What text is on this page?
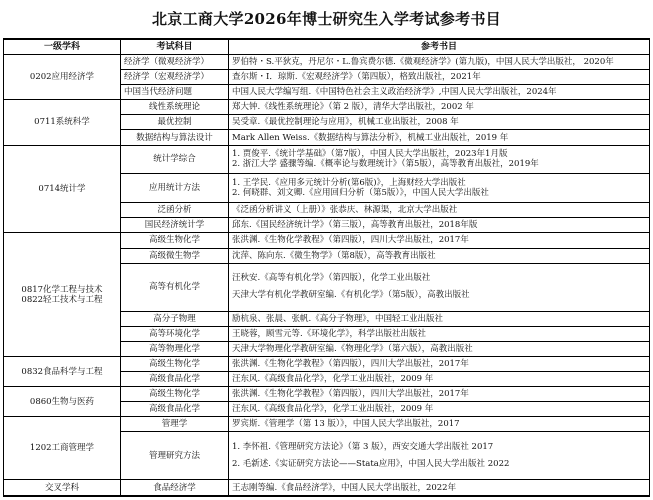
北京工商大学2026年博士研究生入学考试参考书目
一级学科	考试科目	参考书目
0202应用经济学	经济学（微观经济学）	罗伯特・S.平狄克，丹尼尔・L.鲁宾费尔德.《微观经济学》(第九版)，中国人民大学出版社， 2020年
	经济学（宏观经济学）	查尔斯・I．琼斯.《宏观经济学》（第四版），格致出版社，2021年
	中国当代经济问题	中国人民大学编写组.《中国特色社会主义政治经济学》,中国人民大学出版社，2024年
0711系统科学	线性系统理论	郑大钟.《线性系统理论》（第 2 版），清华大学出版社，2002 年
	最优控制	吴受章.《最优控制理论与应用》，机械工业出版社，2008 年
	数据结构与算法设计	Mark Allen Weiss.《数据结构与算法分析》，机械工业出版社，2019 年
0714统计学	统计学综合	1. 贾俊平.《统计学基础》（第7版），中国人民大学出版社，2023年1月版
2. 浙江大学 盛骤等编.《概率论与数理统计》（第5版），高等教育出版社，2019年

	应用统计方法	1. 王学民.《应用多元统计分析(第6版)》，上海财经大学出版社
2. 何晓群、刘文卿.《应用回归分析（第5版）》，中国人民大学出版社

	泛函分析	《泛函分析讲义（上册）》张恭庆、林源渠，北京大学出版社
	国民经济统计学	邱东.《国民经济统计学》（第三版），高等教育出版社，2018年版

0817化学工程与技术
0822轻工技术与工程	高级生物化学	张洪渊.《生物化学教程》（第四版），四川大学出版社，2017年
	高级微生物学	沈萍、陈向东.《微生物学》（第8版），高等教育出版社
	高等有机化学	汪秋安.《高等有机化学》（第四版），化学工业出版社
天津大学有机化学教研室编.《有机化学》（第5版），高教出版社

	高分子物理	励杭泉、张晨、张帆.《高分子物理》，中国轻工业出版社
	高等环境化学	王晓蓉，顾雪元等.《环境化学》，科学出版社出版社
	高等物理化学	天津大学物理化学教研室编.《物理化学》（第六版），高教出版社
0832食品科学与工程	高级生物化学	张洪渊.《生物化学教程》（第四版），四川大学出版社，2017年
	高级食品化学	汪东风.《高级食品化学》，化学工业出版社，2009 年
0860生物与医药	高级生物化学	张洪渊.《生物化学教程》（第四版），四川大学出版社，2017年
	高级食品化学	汪东风.《高级食品化学》，化学工业出版社，2009 年
1202工商管理学	管理学	罗宾斯.《管理学（第 13 版）》，中国人民大学出版社，2017
	管理研究方法	1. 李怀祖.《管理研究方法论》（第 3 版），西安交通大学出版社 2017
2. 毛新述.《实证研究方法论——Stata应用》，中国人民大学出版社 2022

交叉学科	食品经济学	王志刚等编.《食品经济学》，中国人民大学出版社，2022年
